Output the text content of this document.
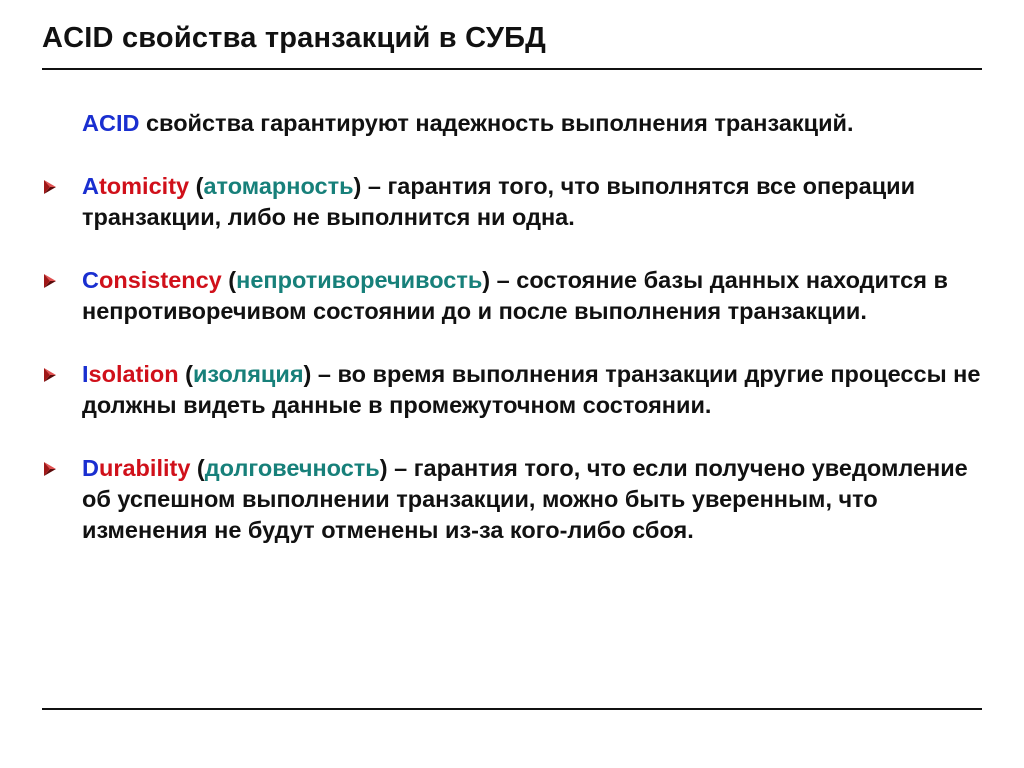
ACID свойства транзакций в СУБД

ACID свойства гарантируют надежность выполнения транзакций.

Atomicity (атомарность) – гарантия того, что выполнятся все операции транзакции, либо не выполнится ни одна.
Consistency (непротиворечивость) – состояние базы данных находится в непротиворечивом состоянии до и после выполнения транзакции.
Isolation (изоляция) – во время выполнения транзакции другие процессы не должны видеть данные в промежуточном состоянии.
Durability (долговечность) – гарантия того, что если получено уведомление об успешном выполнении транзакции, можно быть уверенным, что изменения не будут отменены из-за кого-либо сбоя.
